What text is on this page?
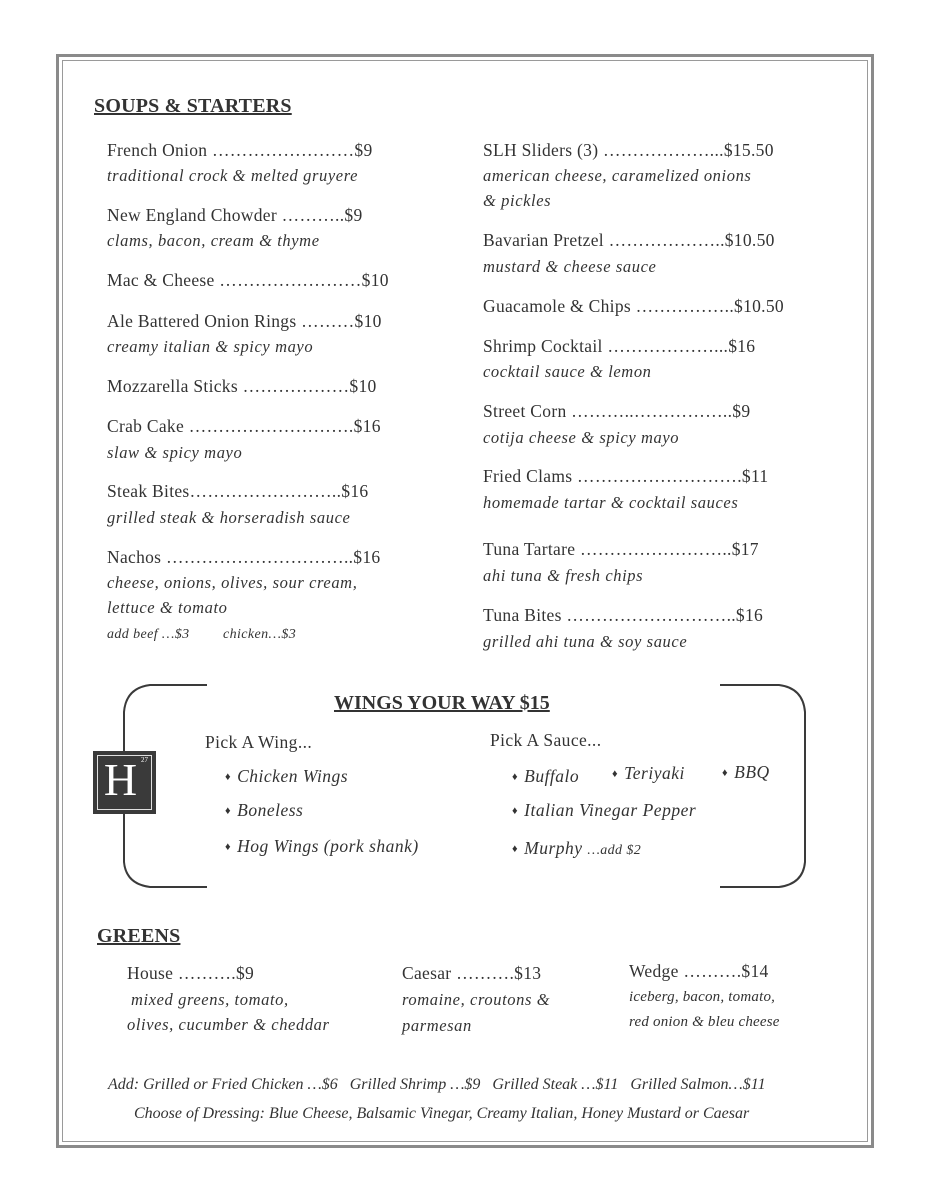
SOUPS & STARTERS
French Onion ……………………$9
traditional crock & melted gruyere
New England Chowder ………..$9
clams, bacon, cream & thyme
Mac & Cheese ……………………$10
Ale Battered Onion Rings ………$10
creamy italian & spicy mayo
Mozzarella Sticks ………………$10
Crab Cake ……………………….$16
slaw & spicy mayo
Steak Bites……………………..$16
grilled steak & horseradish sauce
Nachos …………………………..$16
cheese, onions, olives, sour cream,
lettuce & tomato
add beef …$3 chicken…$3
SLH Sliders (3) ………………...$15.50
american cheese, caramelized onions
& pickles
Bavarian Pretzel ………………..$10.50
mustard & cheese sauce
Guacamole & Chips ……………..$10.50
Shrimp Cocktail ………………...$16
cocktail sauce & lemon
Street Corn ………..……………..$9
cotija cheese & spicy mayo
Fried Clams ……………………….$11
homemade tartar & cocktail sauces
Tuna Tartare ……………………..$17
ahi tuna & fresh chips
Tuna Bites ………………………..$16
grilled ahi tuna & soy sauce
H 27
WINGS YOUR WAY $15
Pick A Wing...	Pick A Sauce...
♦ Chicken Wings
♦ Boneless
♦ Hog Wings (pork shank)
♦ Buffalo	♦ Teriyaki	♦ BBQ
♦ Italian Vinegar Pepper
♦ Murphy …add $2
GREENS
House ……….$9
mixed greens, tomato,
olives, cucumber & cheddar
Caesar ……….$13
romaine, croutons &
parmesan
Wedge ……….$14
iceberg, bacon, tomato,
red onion & bleu cheese
Add: Grilled or Fried Chicken …$6   Grilled Shrimp …$9   Grilled Steak …$11   Grilled Salmon…$11
Choose of Dressing: Blue Cheese, Balsamic Vinegar, Creamy Italian, Honey Mustard or Caesar
